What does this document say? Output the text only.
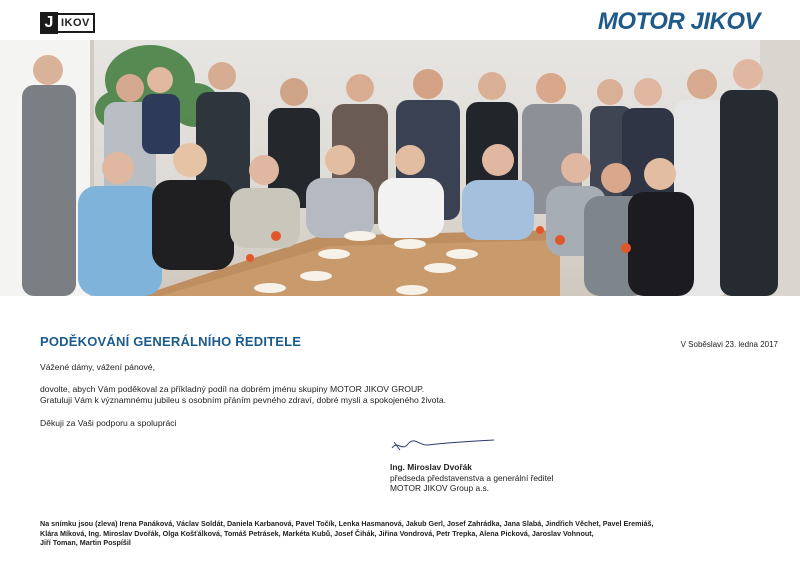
J IKOV	MOTOR JIKOV
PODĚKOVÁNÍ GENERÁLNÍHO ŘEDITELE	V Soběslavi 23. ledna 2017
Vážené dámy, vážení pánové,
dovolte, abych Vám poděkoval za příkladný podíl na dobrém jménu skupiny MOTOR JIKOV GROUP.
Gratuluji Vám k významnému jubileu s osobním přáním pevného zdraví, dobré mysli a spokojeného života.
Děkuji za Vaši podporu a spolupráci
Ing. Miroslav Dvořák
předseda představenstva a generální ředitel
MOTOR JIKOV Group a.s.
Na snímku jsou (zleva) Irena Panáková, Václav Soldát, Daniela Karbanová, Pavel Točík, Lenka Hasmanová, Jakub Gerl, Josef Zahrádka, Jana Slabá, Jindřich Věchet, Pavel Eremiáš,
Klára Míková, Ing. Miroslav Dvořák, Olga Košťálková, Tomáš Petrásek, Markéta Kubů, Josef Čihák, Jiřina Vondrová, Petr Trepka, Alena Picková, Jaroslav Vohnout,
Jiří Toman, Martin Pospíšil
